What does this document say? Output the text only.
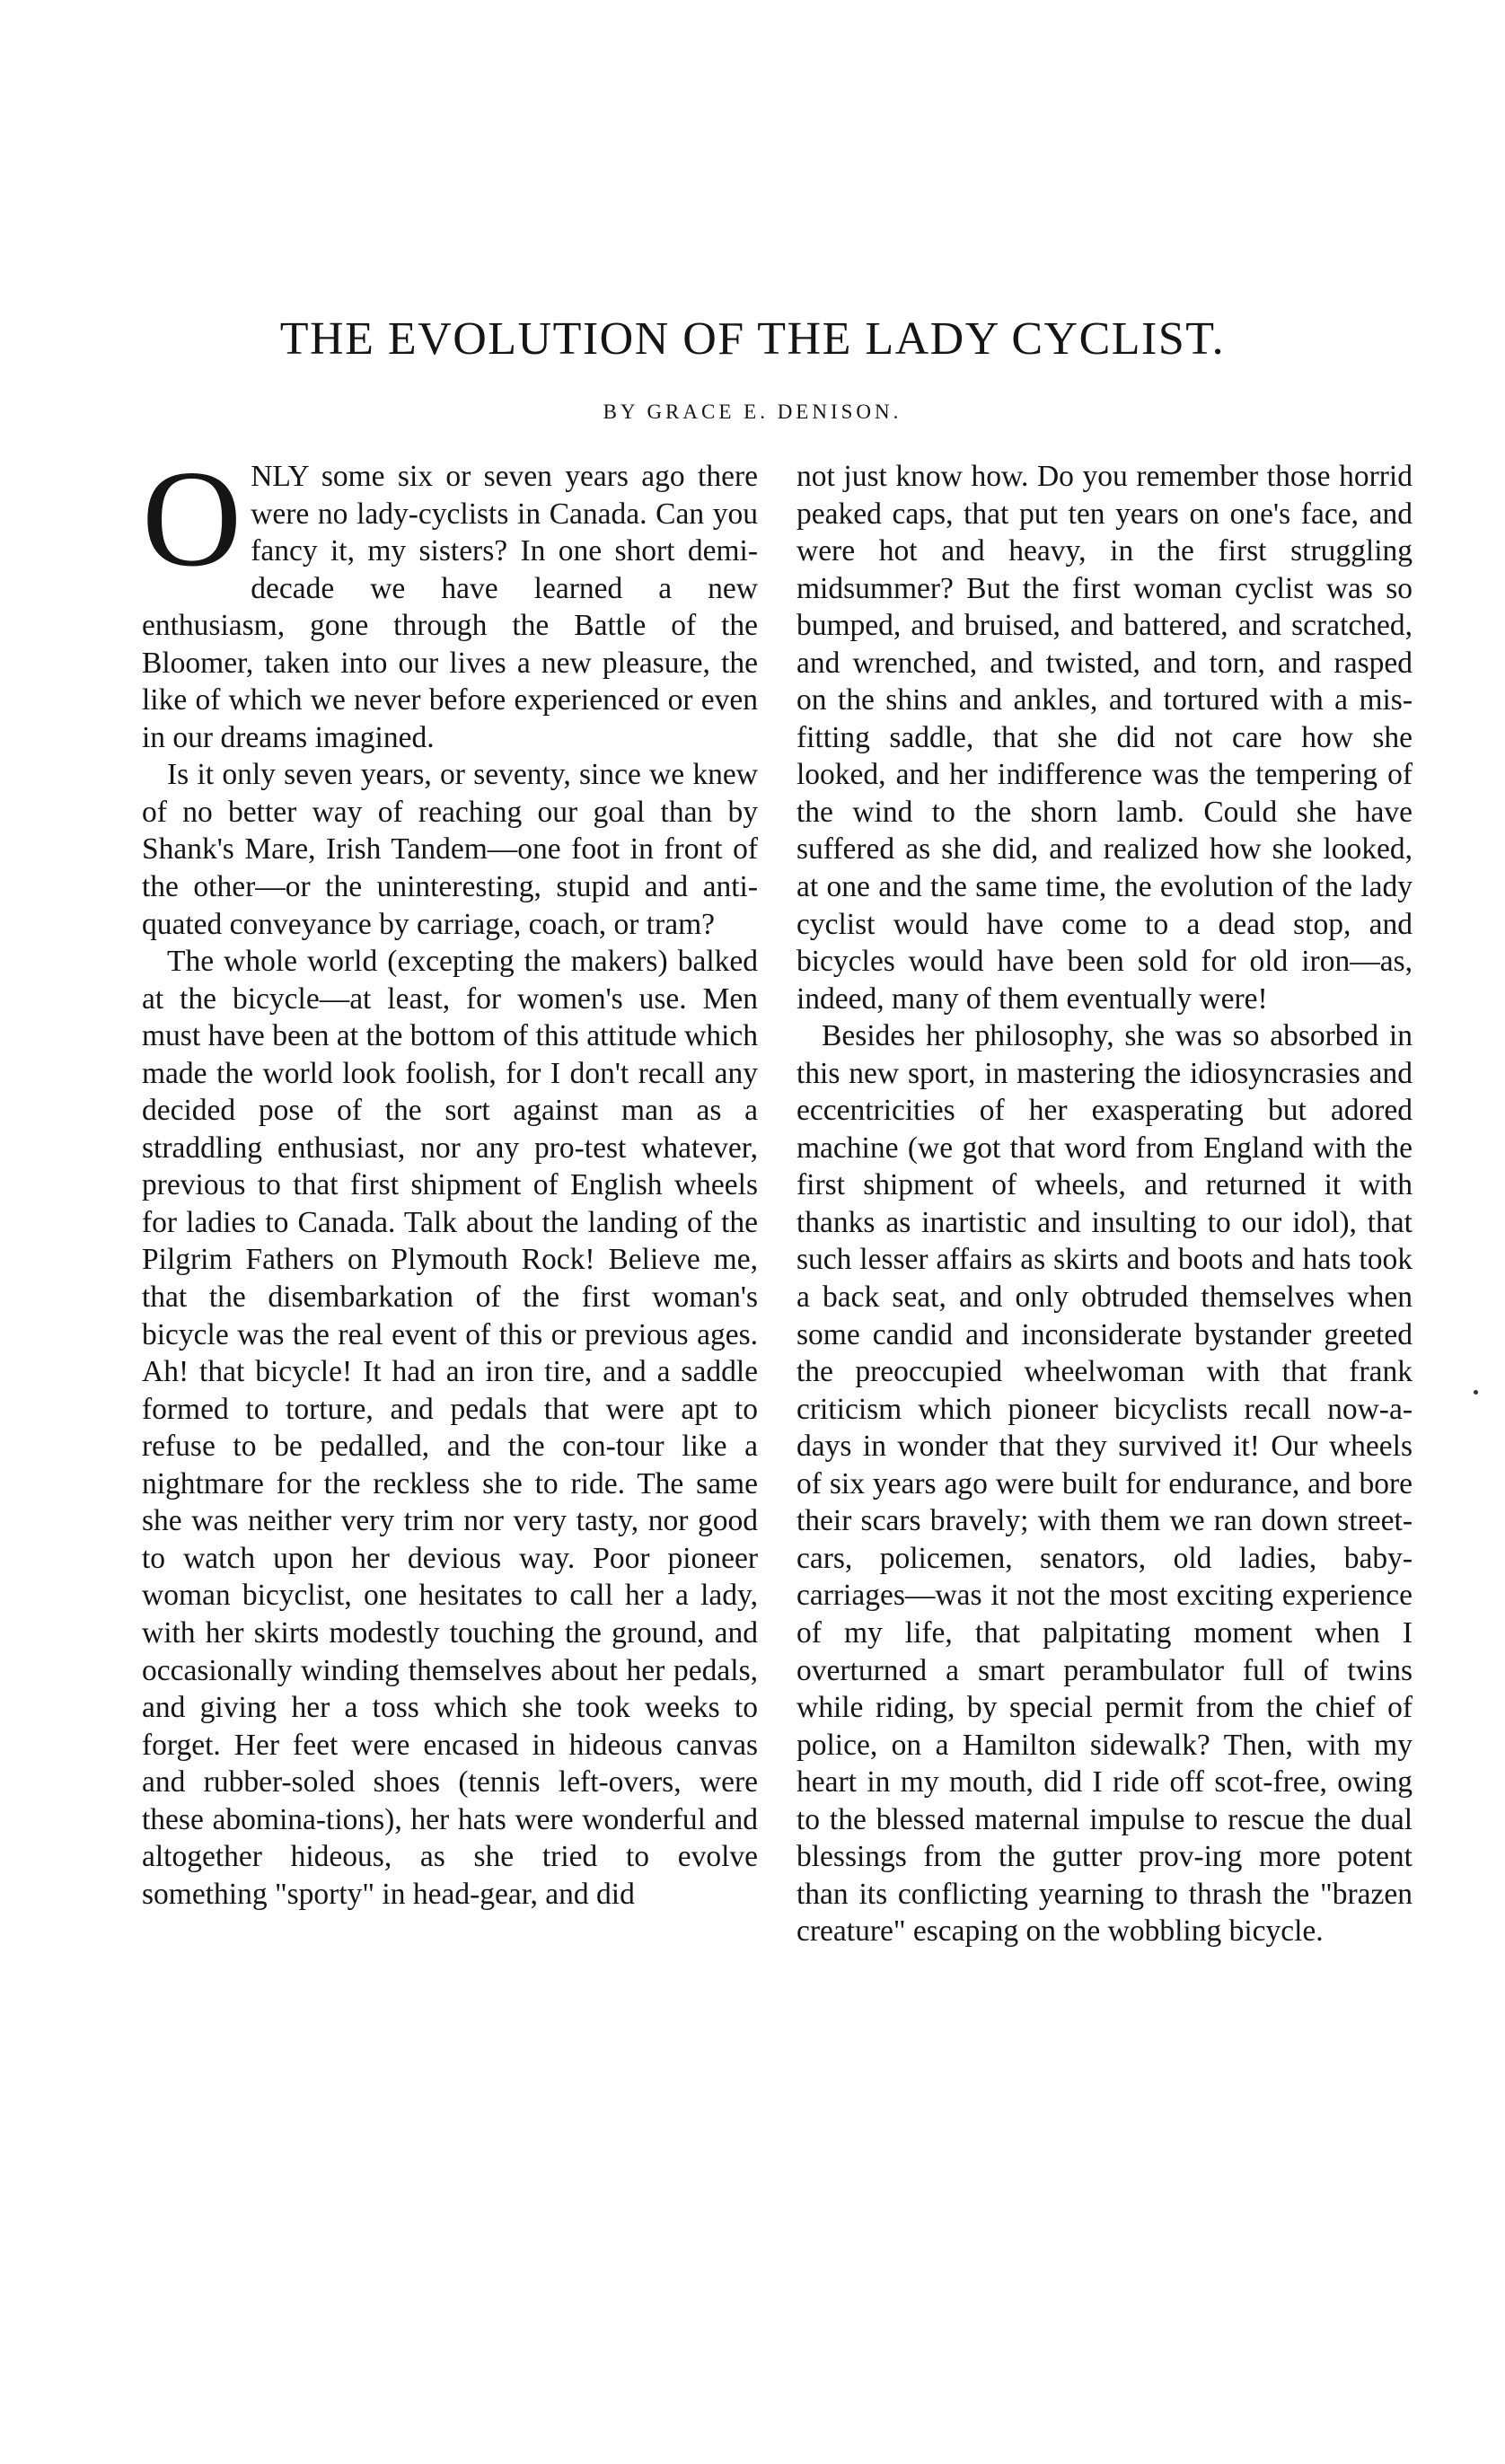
THE EVOLUTION OF THE LADY CYCLIST.
BY GRACE E. DENISON.

ONLY some six or seven years ago there were no lady-cyclists in Canada. Can you fancy it, my sisters? In one short demi-decade we have learned a new enthusiasm, gone through the Battle of the Bloomer, taken into our lives a new pleasure, the like of which we never before experienced or even in our dreams imagined.

Is it only seven years, or seventy, since we knew of no better way of reaching our goal than by Shank's Mare, Irish Tandem—one foot in front of the other—or the uninteresting, stupid and anti-quated conveyance by carriage, coach, or tram?

The whole world (excepting the makers) balked at the bicycle—at least, for women's use. Men must have been at the bottom of this attitude which made the world look foolish, for I don't recall any decided pose of the sort against man as a straddling enthusiast, nor any pro-test whatever, previous to that first shipment of English wheels for ladies to Canada. Talk about the landing of the Pilgrim Fathers on Plymouth Rock! Believe me, that the disembarkation of the first woman's bicycle was the real event of this or previous ages. Ah! that bicycle! It had an iron tire, and a saddle formed to torture, and pedals that were apt to refuse to be pedalled, and the con-tour like a nightmare for the reckless she to ride. The same she was neither very trim nor very tasty, nor good to watch upon her devious way. Poor pioneer woman bicyclist, one hesitates to call her a lady, with her skirts modestly touching the ground, and occasionally winding themselves about her pedals, and giving her a toss which she took weeks to forget. Her feet were encased in hideous canvas and rubber-soled shoes (tennis left-overs, were these abomina-tions), her hats were wonderful and altogether hideous, as she tried to evolve something "sporty" in head-gear, and did

not just know how. Do you remember those horrid peaked caps, that put ten years on one's face, and were hot and heavy, in the first struggling midsummer? But the first woman cyclist was so bumped, and bruised, and battered, and scratched, and wrenched, and twisted, and torn, and rasped on the shins and ankles, and tortured with a mis-fitting saddle, that she did not care how she looked, and her indifference was the tempering of the wind to the shorn lamb. Could she have suffered as she did, and realized how she looked, at one and the same time, the evolution of the lady cyclist would have come to a dead stop, and bicycles would have been sold for old iron—as, indeed, many of them eventually were!

Besides her philosophy, she was so absorbed in this new sport, in mastering the idiosyncrasies and eccentricities of her exasperating but adored machine (we got that word from England with the first shipment of wheels, and returned it with thanks as inartistic and insulting to our idol), that such lesser affairs as skirts and boots and hats took a back seat, and only obtruded themselves when some candid and inconsiderate bystander greeted the preoccupied wheelwoman with that frank criticism which pioneer bicyclists recall now-a-days in wonder that they survived it! Our wheels of six years ago were built for endurance, and bore their scars bravely; with them we ran down street-cars, policemen, senators, old ladies, baby-carriages—was it not the most exciting experience of my life, that palpitating moment when I overturned a smart perambulator full of twins while riding, by special permit from the chief of police, on a Hamilton sidewalk? Then, with my heart in my mouth, did I ride off scot-free, owing to the blessed maternal impulse to rescue the dual blessings from the gutter prov-ing more potent than its conflicting yearning to thrash the "brazen creature" escaping on the wobbling bicycle.
